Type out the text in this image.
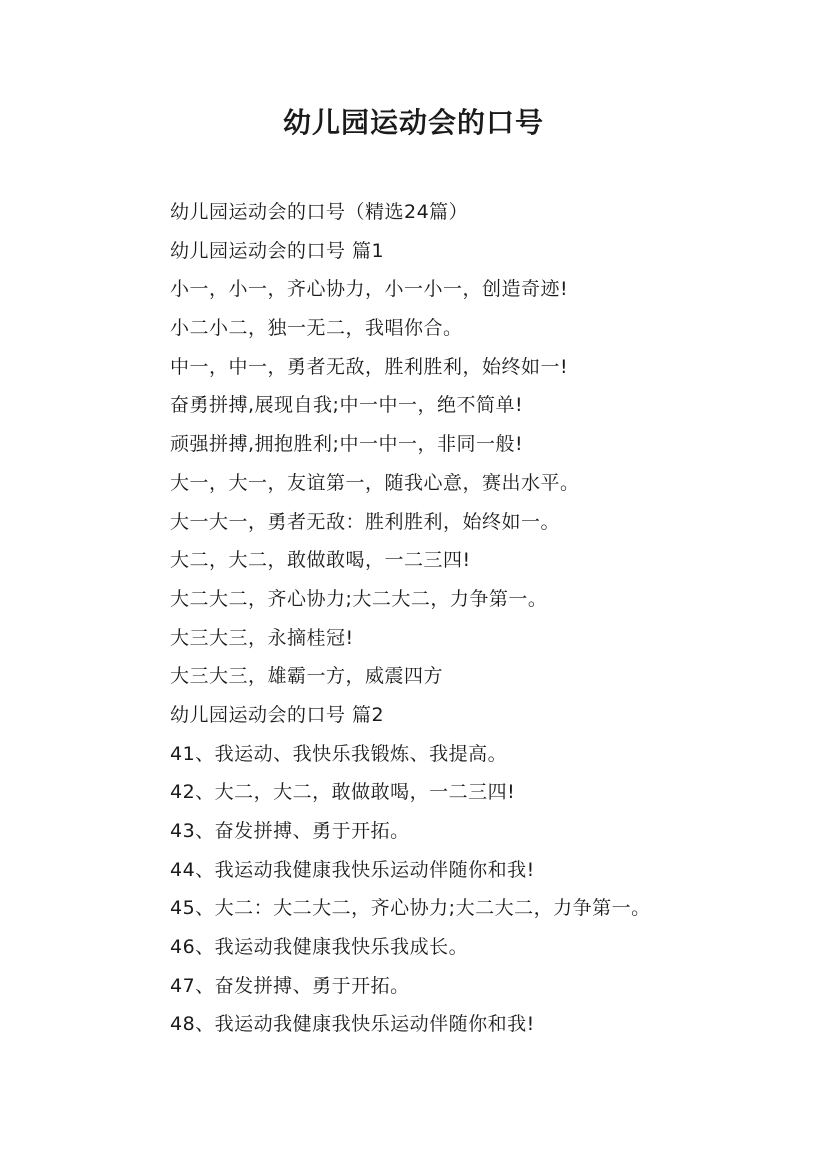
幼儿园运动会的口号
幼儿园运动会的口号（精选24篇）
幼儿园运动会的口号 篇1
小一，小一，齐心协力，小一小一，创造奇迹!
小二小二，独一无二，我唱你合。
中一，中一，勇者无敌，胜利胜利，始终如一!
奋勇拼搏,展现自我;中一中一，绝不简单!
顽强拼搏,拥抱胜利;中一中一，非同一般!
大一，大一，友谊第一，随我心意，赛出水平。
大一大一，勇者无敌：胜利胜利，始终如一。
大二，大二，敢做敢喝，一二三四!
大二大二，齐心协力;大二大二，力争第一。
大三大三，永摘桂冠!
大三大三，雄霸一方，威震四方
幼儿园运动会的口号 篇2
41、我运动、我快乐我锻炼、我提高。
42、大二，大二，敢做敢喝，一二三四!
43、奋发拼搏、勇于开拓。
44、我运动我健康我快乐运动伴随你和我!
45、大二：大二大二，齐心协力;大二大二，力争第一。
46、我运动我健康我快乐我成长。
47、奋发拼搏、勇于开拓。
48、我运动我健康我快乐运动伴随你和我!
